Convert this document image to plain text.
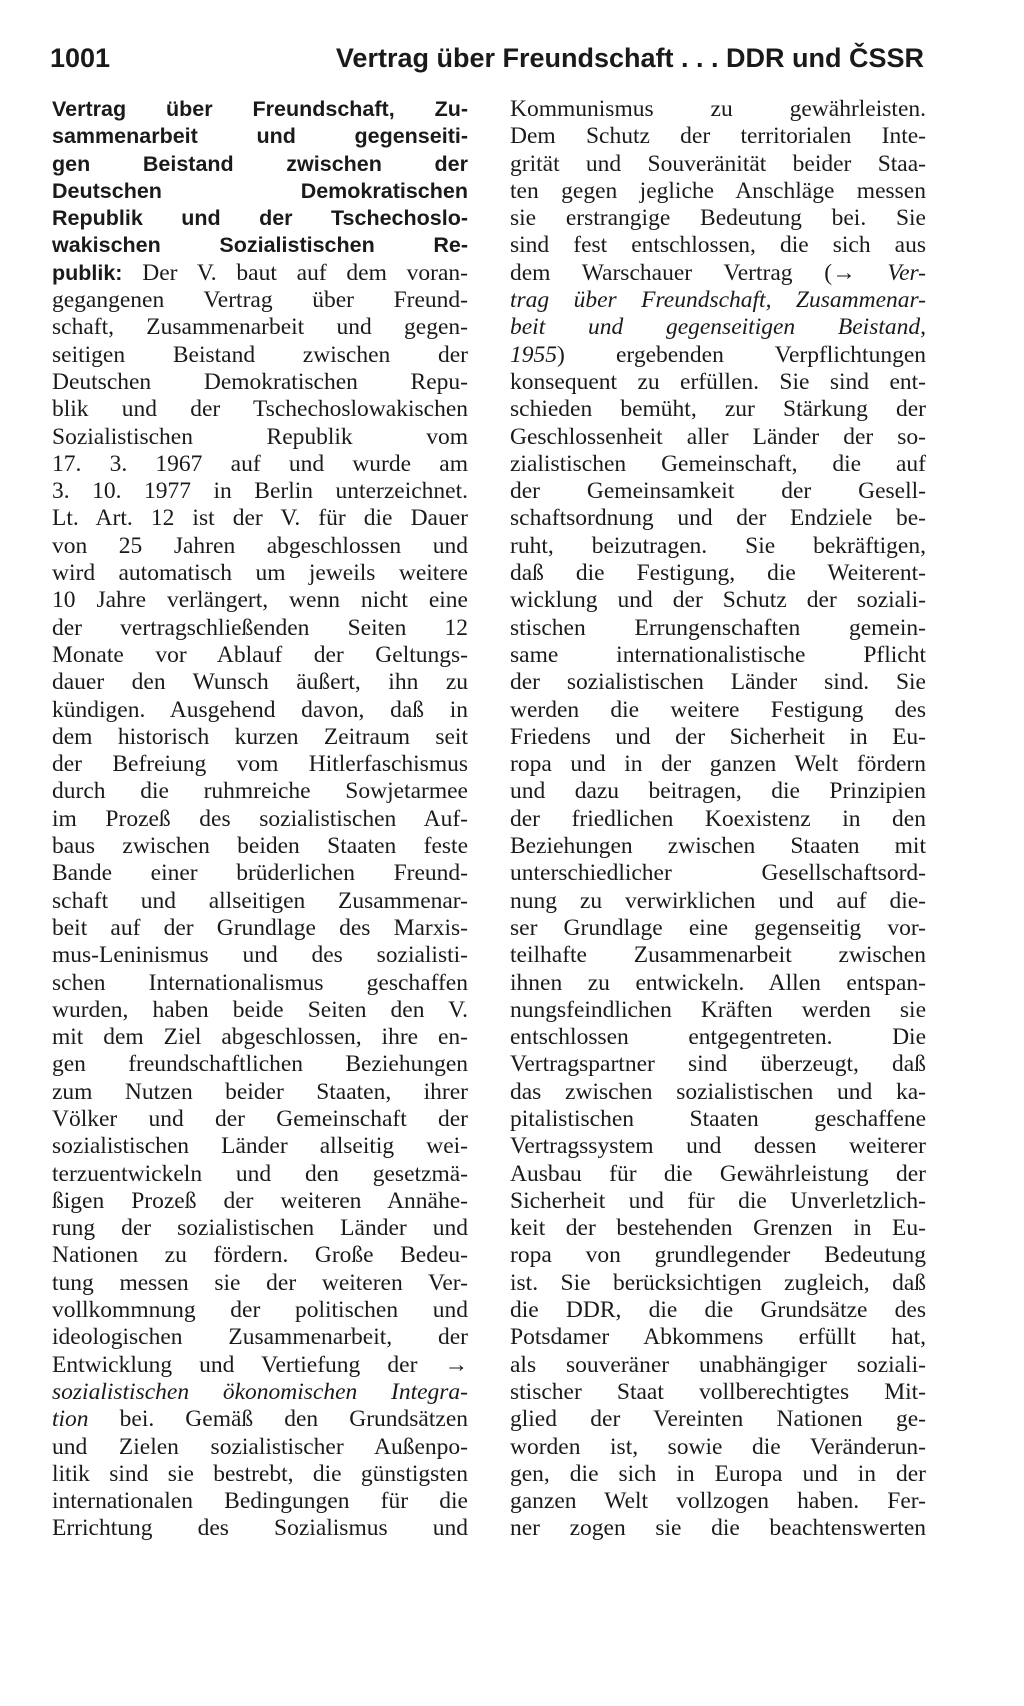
1001	Vertrag über Freundschaft . . . DDR und ČSSR
Vertrag über Freundschaft, Zu-
sammenarbeit und gegenseiti-
gen Beistand zwischen der
Deutschen Demokratischen
Republik und der Tschechoslo-
wakischen Sozialistischen Re-
publik: Der V. baut auf dem voran-
gegangenen Vertrag über Freund-
schaft, Zusammenarbeit und gegen-
seitigen Beistand zwischen der
Deutschen Demokratischen Repu-
blik und der Tschechoslowakischen
Sozialistischen Republik vom
17. 3. 1967 auf und wurde am
3. 10. 1977 in Berlin unterzeichnet.
Lt. Art. 12 ist der V. für die Dauer
von 25 Jahren abgeschlossen und
wird automatisch um jeweils weitere
10 Jahre verlängert, wenn nicht eine
der vertragschließenden Seiten 12
Monate vor Ablauf der Geltungs-
dauer den Wunsch äußert, ihn zu
kündigen. Ausgehend davon, daß in
dem historisch kurzen Zeitraum seit
der Befreiung vom Hitlerfaschismus
durch die ruhmreiche Sowjetarmee
im Prozeß des sozialistischen Auf-
baus zwischen beiden Staaten feste
Bande einer brüderlichen Freund-
schaft und allseitigen Zusammenar-
beit auf der Grundlage des Marxis-
mus-Leninismus und des sozialisti-
schen Internationalismus geschaffen
wurden, haben beide Seiten den V.
mit dem Ziel abgeschlossen, ihre en-
gen freundschaftlichen Beziehungen
zum Nutzen beider Staaten, ihrer
Völker und der Gemeinschaft der
sozialistischen Länder allseitig wei-
terzuentwickeln und den gesetzmä-
ßigen Prozeß der weiteren Annähe-
rung der sozialistischen Länder und
Nationen zu fördern. Große Bedeu-
tung messen sie der weiteren Ver-
vollkommnung der politischen und
ideologischen Zusammenarbeit, der
Entwicklung und Vertiefung der →
sozialistischen ökonomischen Integra-
tion bei. Gemäß den Grundsätzen
und Zielen sozialistischer Außenpo-
litik sind sie bestrebt, die günstigsten
internationalen Bedingungen für die
Errichtung des Sozialismus und
Kommunismus zu gewährleisten.
Dem Schutz der territorialen Inte-
grität und Souveränität beider Staa-
ten gegen jegliche Anschläge messen
sie erstrangige Bedeutung bei. Sie
sind fest entschlossen, die sich aus
dem Warschauer Vertrag (→ Ver-
trag über Freundschaft, Zusammenar-
beit und gegenseitigen Beistand,
1955) ergebenden Verpflichtungen
konsequent zu erfüllen. Sie sind ent-
schieden bemüht, zur Stärkung der
Geschlossenheit aller Länder der so-
zialistischen Gemeinschaft, die auf
der Gemeinsamkeit der Gesell-
schaftsordnung und der Endziele be-
ruht, beizutragen. Sie bekräftigen,
daß die Festigung, die Weiterent-
wicklung und der Schutz der soziali-
stischen Errungenschaften gemein-
same internationalistische Pflicht
der sozialistischen Länder sind. Sie
werden die weitere Festigung des
Friedens und der Sicherheit in Eu-
ropa und in der ganzen Welt fördern
und dazu beitragen, die Prinzipien
der friedlichen Koexistenz in den
Beziehungen zwischen Staaten mit
unterschiedlicher Gesellschaftsord-
nung zu verwirklichen und auf die-
ser Grundlage eine gegenseitig vor-
teilhafte Zusammenarbeit zwischen
ihnen zu entwickeln. Allen entspan-
nungsfeindlichen Kräften werden sie
entschlossen entgegentreten. Die
Vertragspartner sind überzeugt, daß
das zwischen sozialistischen und ka-
pitalistischen Staaten geschaffene
Vertragssystem und dessen weiterer
Ausbau für die Gewährleistung der
Sicherheit und für die Unverletzlich-
keit der bestehenden Grenzen in Eu-
ropa von grundlegender Bedeutung
ist. Sie berücksichtigen zugleich, daß
die DDR, die die Grundsätze des
Potsdamer Abkommens erfüllt hat,
als souveräner unabhängiger soziali-
stischer Staat vollberechtigtes Mit-
glied der Vereinten Nationen ge-
worden ist, sowie die Veränderun-
gen, die sich in Europa und in der
ganzen Welt vollzogen haben. Fer-
ner zogen sie die beachtenswerten
